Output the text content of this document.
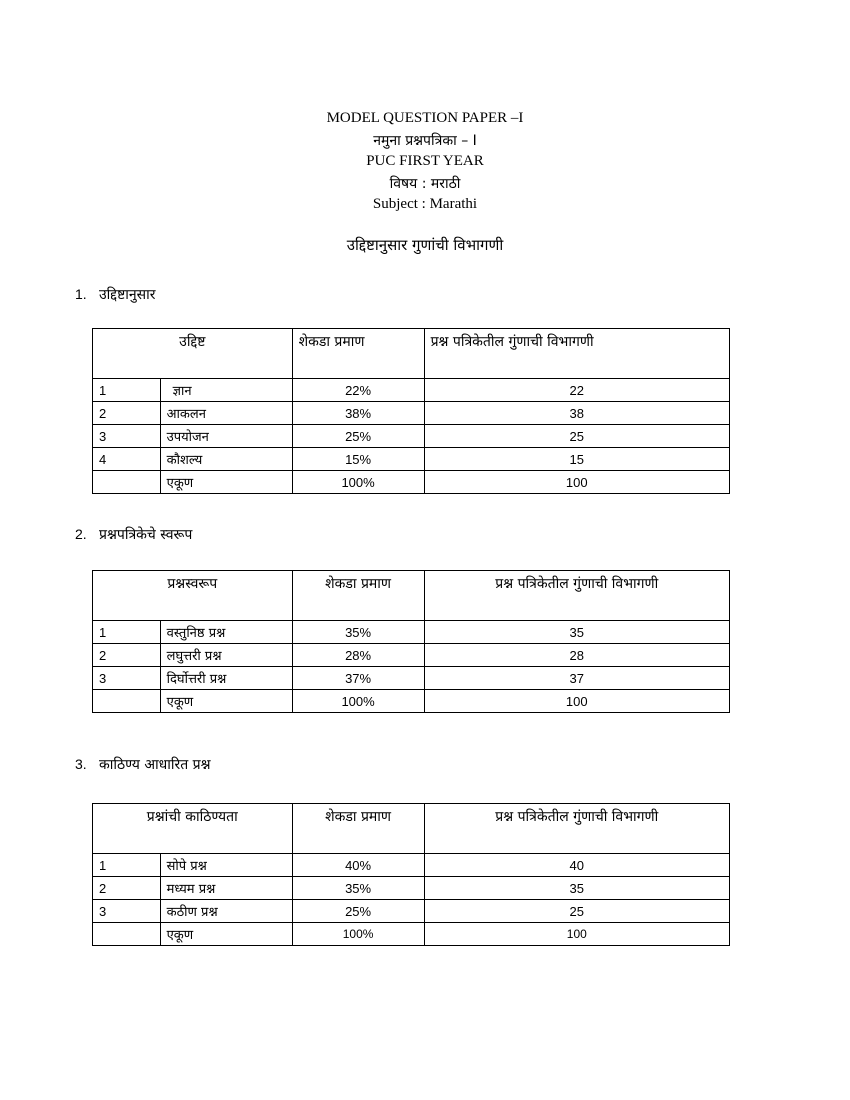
MODEL QUESTION PAPER –I
नमुना प्रश्नपत्रिका – I
PUC FIRST YEAR
विषय : मराठी
Subject : Marathi
उद्दिष्टानुसार गुणांची विभागणी
1. उद्दिष्टानुसार
उद्दिष्ट		शेकडा प्रमाण	प्रश्न पत्रिकेतील गुंणाची विभागणी
1	ज्ञान	22%	22
2	आकलन	38%	38
3	उपयोजन	25%	25
4	कौशल्य	15%	15
	एकूण	100%	100
2. प्रश्नपत्रिकेचे स्वरूप
प्रश्नस्वरूप		शेकडा प्रमाण	प्रश्न पत्रिकेतील गुंणाची विभागणी
1	वस्तुनिष्ठ प्रश्न	35%	35
2	लघुत्तरी प्रश्न	28%	28
3	दिर्घोत्तरी प्रश्न	37%	37
	एकूण	100%	100
3. काठिण्य आधारित प्रश्न
प्रश्नांची काठिण्यता		शेकडा प्रमाण	प्रश्न पत्रिकेतील गुंणाची विभागणी
1	सोपे प्रश्न	40%	40
2	मध्यम प्रश्न	35%	35
3	कठीण प्रश्न	25%	25
	एकूण	100%	100
